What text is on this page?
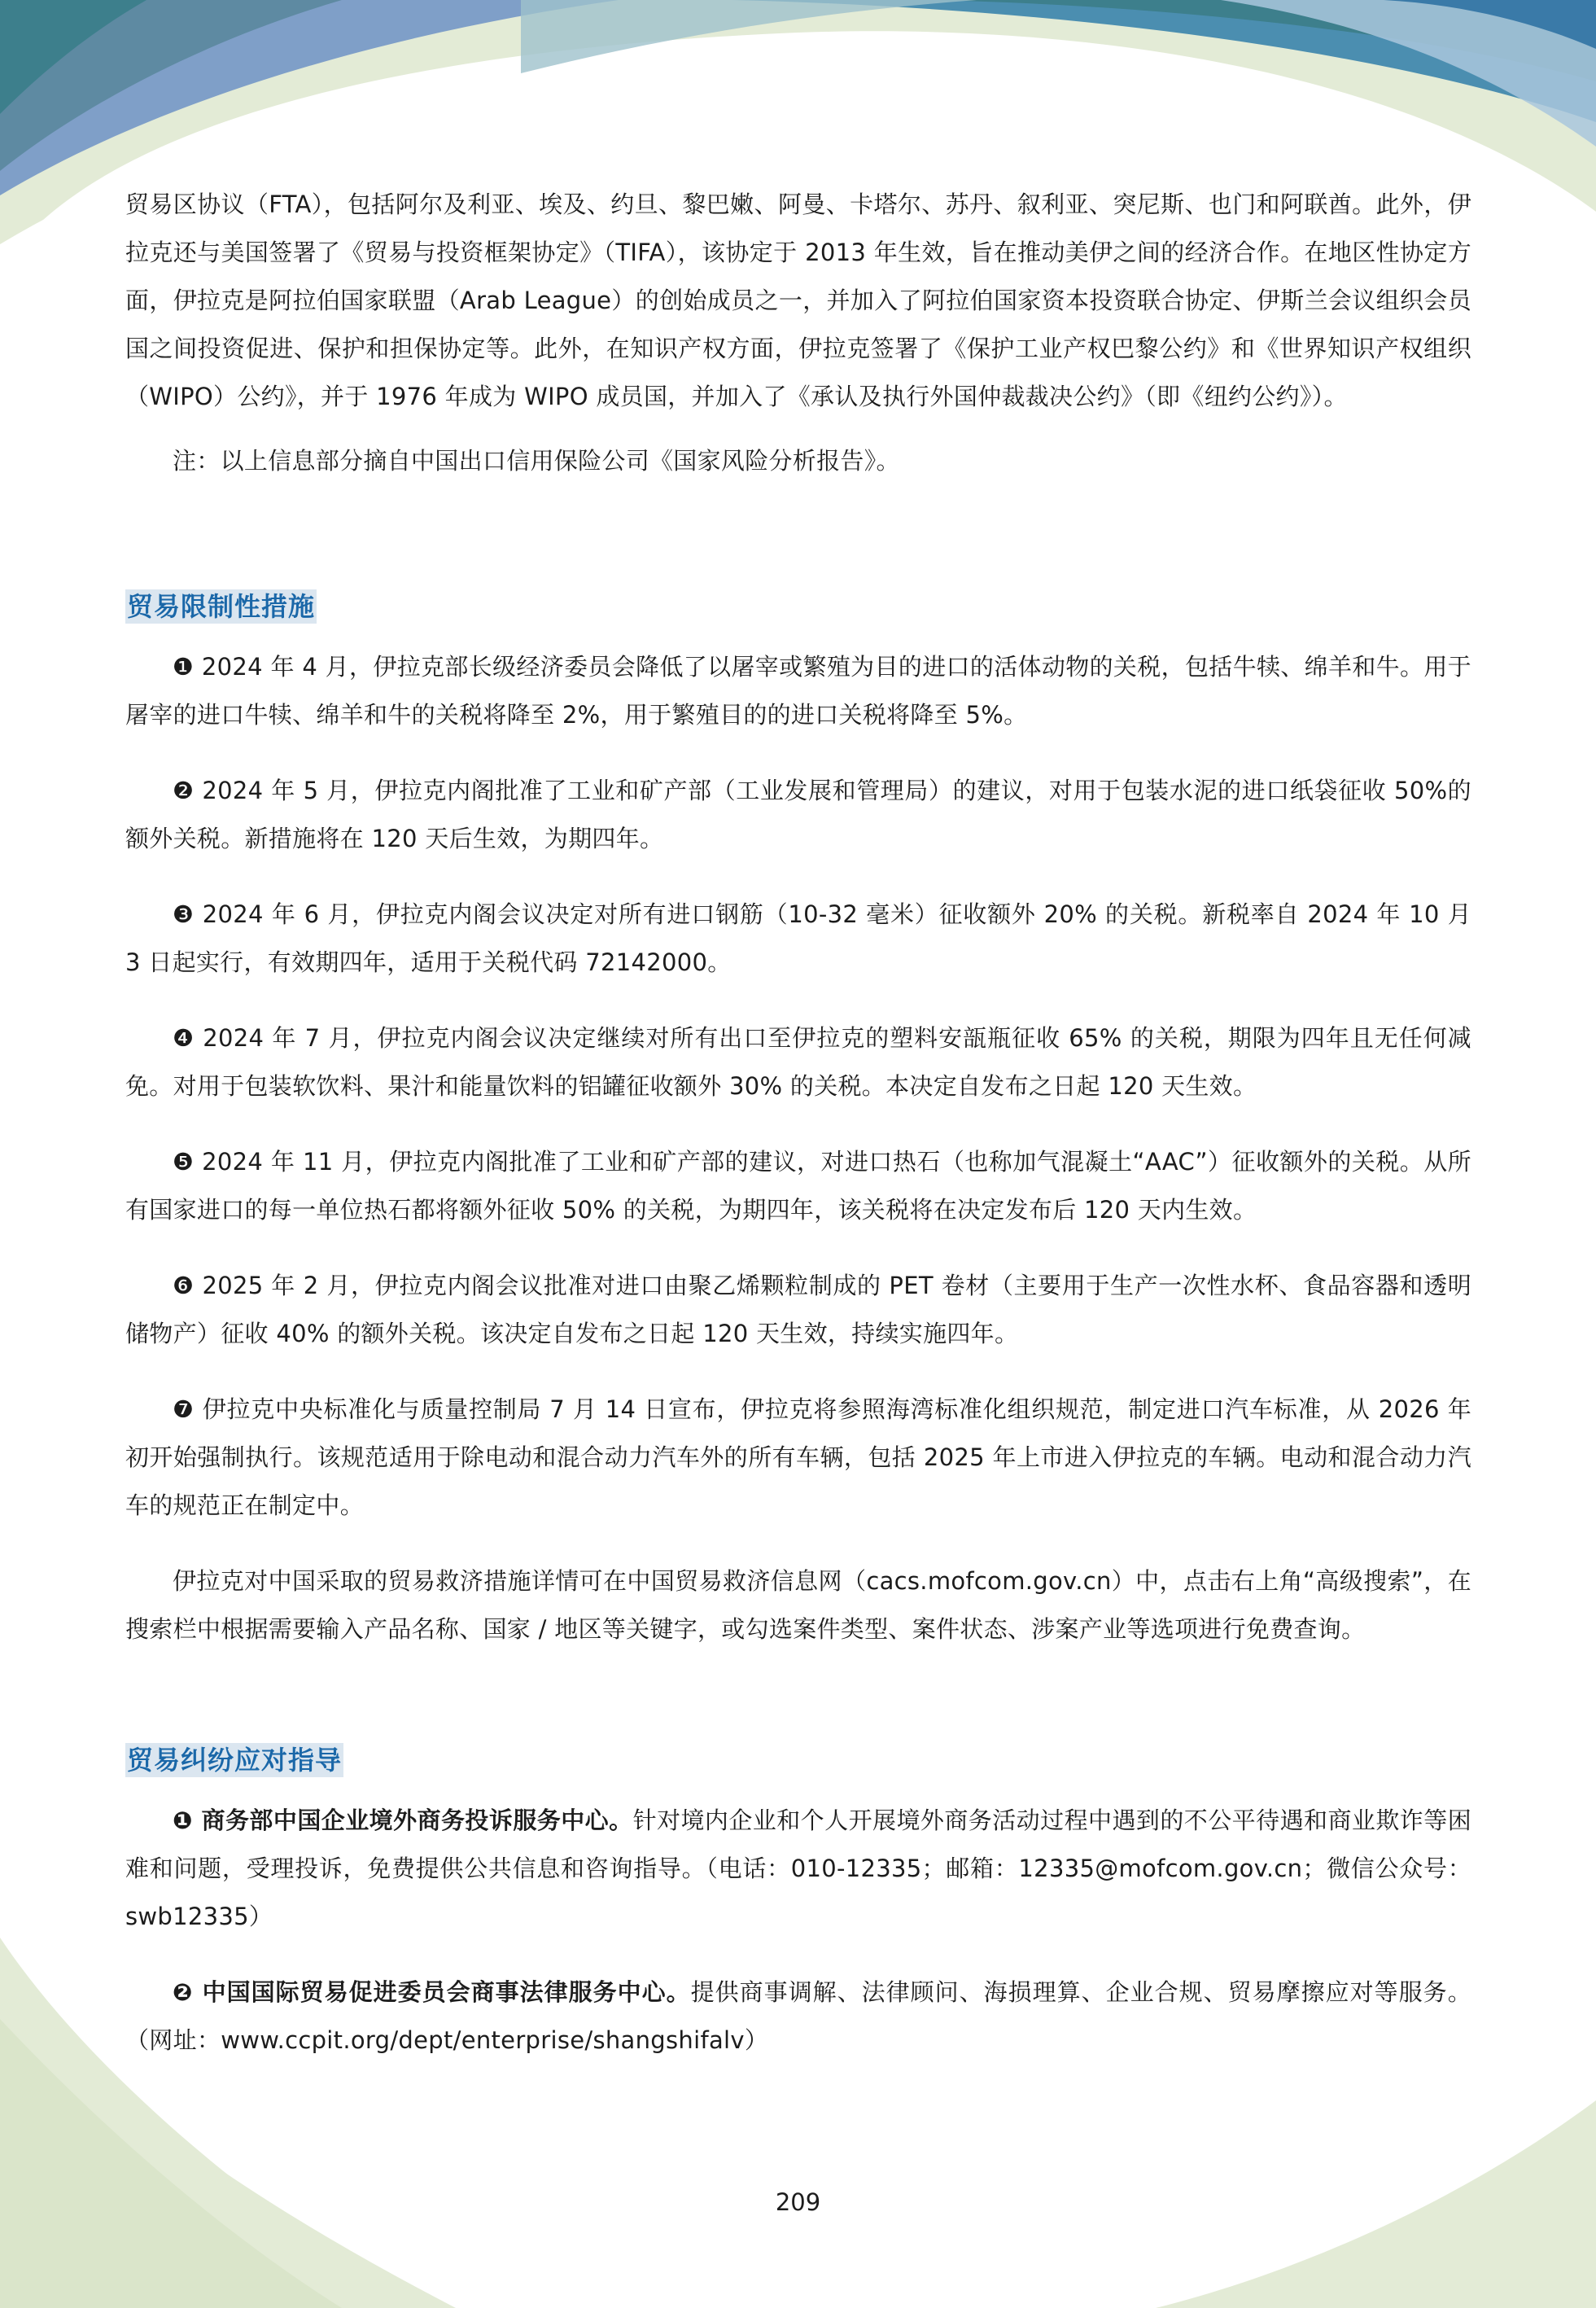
贸易区协议（FTA），包括阿尔及利亚、埃及、约旦、黎巴嫩、阿曼、卡塔尔、苏丹、叙利亚、突尼斯、也门和阿联酋。此外，伊拉克还与美国签署了《贸易与投资框架协定》（TIFA），该协定于 2013 年生效，旨在推动美伊之间的经济合作。在地区性协定方面，伊拉克是阿拉伯国家联盟（Arab League）的创始成员之一，并加入了阿拉伯国家资本投资联合协定、伊斯兰会议组织会员国之间投资促进、保护和担保协定等。此外，在知识产权方面，伊拉克签署了《保护工业产权巴黎公约》和《世界知识产权组织（WIPO）公约》，并于 1976 年成为 WIPO 成员国，并加入了《承认及执行外国仲裁裁决公约》（即《纽约公约》）。

注：以上信息部分摘自中国出口信用保险公司《国家风险分析报告》。

贸易限制性措施

❶ 2024 年 4 月，伊拉克部长级经济委员会降低了以屠宰或繁殖为目的进口的活体动物的关税，包括牛犊、绵羊和牛。用于屠宰的进口牛犊、绵羊和牛的关税将降至 2%，用于繁殖目的的进口关税将降至 5%。

❷ 2024 年 5 月，伊拉克内阁批准了工业和矿产部（工业发展和管理局）的建议，对用于包装水泥的进口纸袋征收 50%的额外关税。新措施将在 120 天后生效，为期四年。

❸ 2024 年 6 月，伊拉克内阁会议决定对所有进口钢筋（10-32 毫米）征收额外 20% 的关税。新税率自 2024 年 10 月 3 日起实行，有效期四年，适用于关税代码 72142000。

❹ 2024 年 7 月，伊拉克内阁会议决定继续对所有出口至伊拉克的塑料安瓿瓶征收 65% 的关税，期限为四年且无任何减免。对用于包装软饮料、果汁和能量饮料的铝罐征收额外 30% 的关税。本决定自发布之日起 120 天生效。

❺ 2024 年 11 月，伊拉克内阁批准了工业和矿产部的建议，对进口热石（也称加气混凝土“AAC”）征收额外的关税。从所有国家进口的每一单位热石都将额外征收 50% 的关税，为期四年，该关税将在决定发布后 120 天内生效。

❻ 2025 年 2 月，伊拉克内阁会议批准对进口由聚乙烯颗粒制成的 PET 卷材（主要用于生产一次性水杯、食品容器和透明储物产）征收 40% 的额外关税。该决定自发布之日起 120 天生效，持续实施四年。

❼ 伊拉克中央标准化与质量控制局 7 月 14 日宣布，伊拉克将参照海湾标准化组织规范，制定进口汽车标准，从 2026 年初开始强制执行。该规范适用于除电动和混合动力汽车外的所有车辆，包括 2025 年上市进入伊拉克的车辆。电动和混合动力汽车的规范正在制定中。

伊拉克对中国采取的贸易救济措施详情可在中国贸易救济信息网（cacs.mofcom.gov.cn）中，点击右上角“高级搜索”，在搜索栏中根据需要输入产品名称、国家 / 地区等关键字，或勾选案件类型、案件状态、涉案产业等选项进行免费查询。

贸易纠纷应对指导

❶ 商务部中国企业境外商务投诉服务中心。针对境内企业和个人开展境外商务活动过程中遇到的不公平待遇和商业欺诈等困难和问题，受理投诉，免费提供公共信息和咨询指导。（电话：010-12335；邮箱：12335@mofcom.gov.cn；微信公众号：swb12335）

❷ 中国国际贸易促进委员会商事法律服务中心。提供商事调解、法律顾问、海损理算、企业合规、贸易摩擦应对等服务。（网址：www.ccpit.org/dept/enterprise/shangshifalv）

209
